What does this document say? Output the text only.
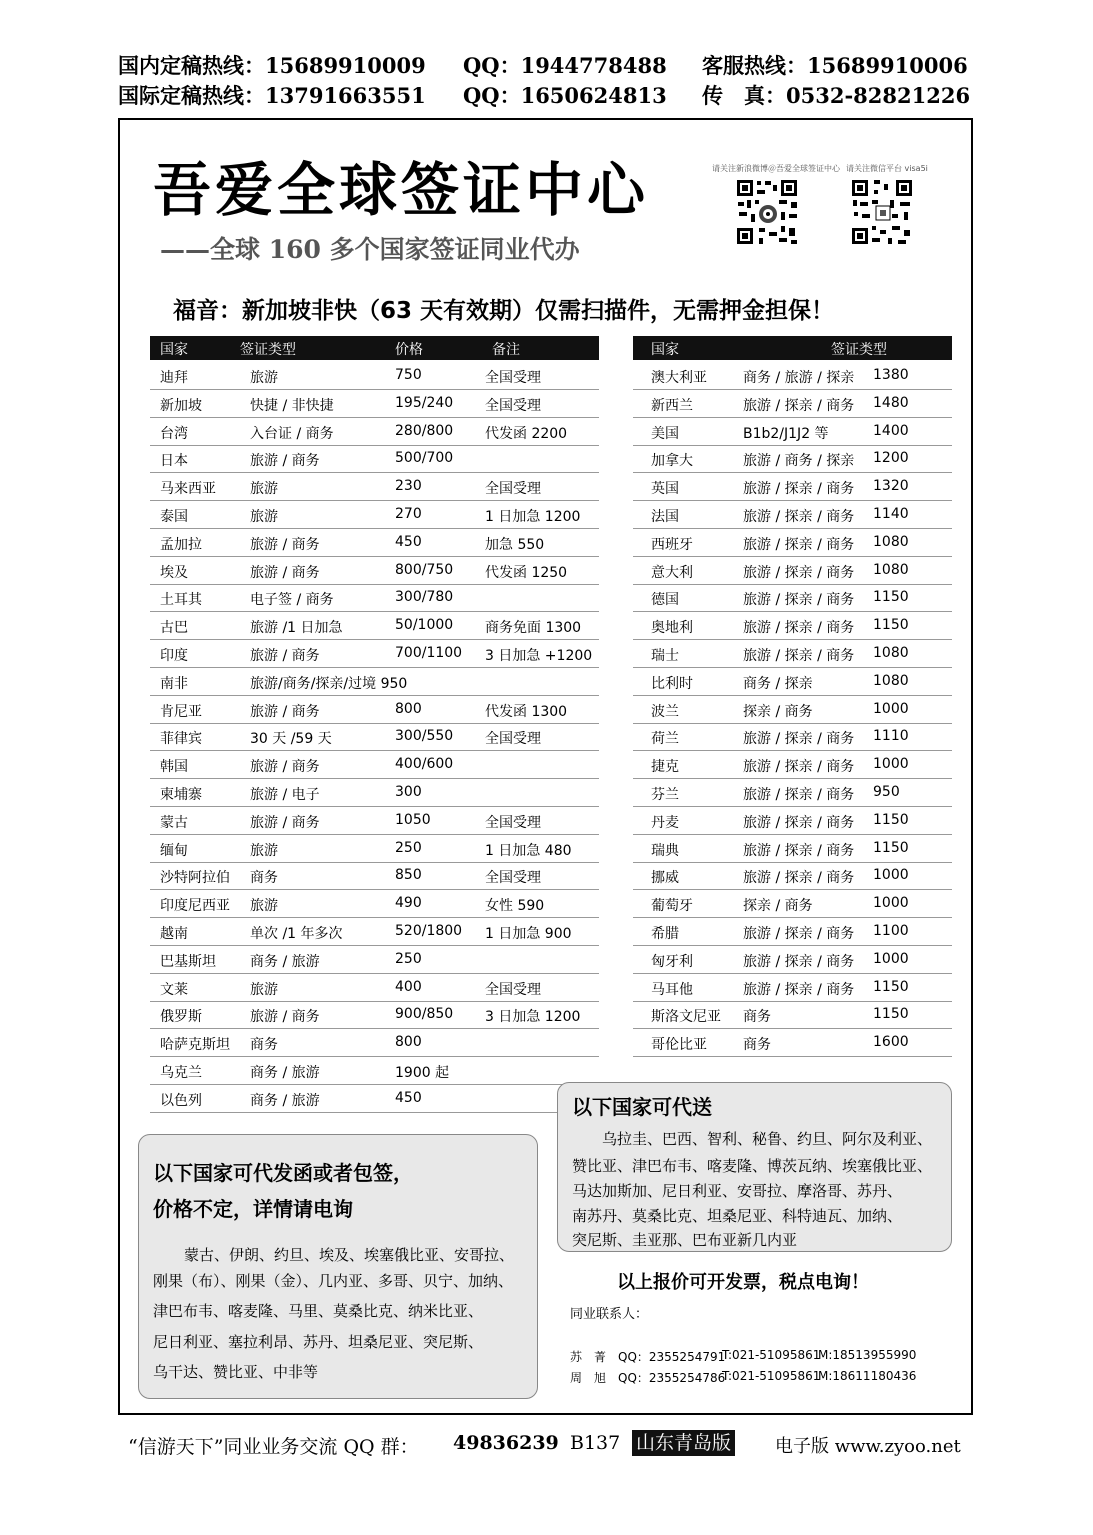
国内定稿热线：15689910009 QQ：1944778488 客服热线：15689910006
国际定稿热线：13791663551 QQ：1650624813 传　真：0532-82821226
吾爱全球签证中心
——全球 160 多个国家签证同业代办
请关注新浪微博＠吾爱全球签证中心 请关注微信平台 visa5i
福音：新加坡非快（63 天有效期）仅需扫描件，无需押金担保！
国家	签证类型	价格	备注
迪拜	旅游	750	全国受理
新加坡	快捷 / 非快捷	195/240 全国受理
台湾	入台证 / 商务	280/800 代发函 2200
日本	旅游 / 商务	500/700
马来西亚 旅游	230	全国受理
泰国	旅游	270	1 日加急 1200
孟加拉	旅游 / 商务	450	加急 550
埃及	旅游 / 商务	800/750 代发函 1250
土耳其	电子签 / 商务	300/780
古巴	旅游 /1 日加急	50/1000 商务免面 1300
印度	旅游 / 商务	700/1100 3 日加急 +1200
南非	旅游/商务/探亲/过境 950
肯尼亚	旅游 / 商务	800	代发函 1300
菲律宾	30 天 /59 天	300/550 全国受理
韩国	旅游 / 商务	400/600
柬埔寨	旅游 / 电子	300
蒙古	旅游 / 商务	1050	全国受理
缅甸	旅游	250	1 日加急 480
沙特阿拉伯 商务	850	全国受理
印度尼西亚 旅游	490	女性 590
越南	单次 /1 年多次	520/1800 1 日加急 900
巴基斯坦 商务 / 旅游	250
文莱	旅游	400	全国受理
俄罗斯	旅游 / 商务	900/850 3 日加急 1200
哈萨克斯坦 商务	800
乌克兰	商务 / 旅游	1900 起
以色列	商务 / 旅游	450
国家	签证类型
澳大利亚	商务 / 旅游 / 探亲 1380
新西兰	旅游 / 探亲 / 商务 1480
美国	B1b2/J1J2 等	1400
加拿大	旅游 / 商务 / 探亲 1200
英国	旅游 / 探亲 / 商务 1320
法国	旅游 / 探亲 / 商务 1140
西班牙	旅游 / 探亲 / 商务 1080
意大利	旅游 / 探亲 / 商务 1080
德国	旅游 / 探亲 / 商务 1150
奥地利	旅游 / 探亲 / 商务 1150
瑞士	旅游 / 探亲 / 商务 1080
比利时	商务 / 探亲	1080
波兰	探亲 / 商务	1000
荷兰	旅游 / 探亲 / 商务 1110
捷克	旅游 / 探亲 / 商务 1000
芬兰	旅游 / 探亲 / 商务 950
丹麦	旅游 / 探亲 / 商务 1150
瑞典	旅游 / 探亲 / 商务 1150
挪威	旅游 / 探亲 / 商务 1000
葡萄牙	探亲 / 商务	1000
希腊	旅游 / 探亲 / 商务 1100
匈牙利	旅游 / 探亲 / 商务 1000
马耳他	旅游 / 探亲 / 商务 1150
斯洛文尼亚 商务	1150
哥伦比亚	商务	1600
以下国家可代送
乌拉圭、巴西、智利、秘鲁、约旦、阿尔及利亚、
赞比亚、津巴布韦、喀麦隆、博茨瓦纳、埃塞俄比亚、
马达加斯加、尼日利亚、安哥拉、摩洛哥、苏丹、
南苏丹、莫桑比克、坦桑尼亚、科特迪瓦、加纳、
突尼斯、圭亚那、巴布亚新几内亚
以下国家可代发函或者包签，
价格不定，详情请电询
蒙古、伊朗、约旦、埃及、埃塞俄比亚、安哥拉、
刚果（布）、刚果（金）、几内亚、多哥、贝宁、加纳、
津巴布韦、喀麦隆、马里、莫桑比克、纳米比亚、
尼日利亚、塞拉利昂、苏丹、坦桑尼亚、突尼斯、
乌干达、赞比亚、中非等
以上报价可开发票，税点电询！
同业联系人：
苏　菁 QQ：2355254791
T:021-51095861
M:18513955990
周　旭 QQ：2355254786
T:021-51095861
M:18611180436
“信游天下”同业业务交流 QQ 群： 49836239 B137 山东青岛版 电子版 www.zyoo.net
